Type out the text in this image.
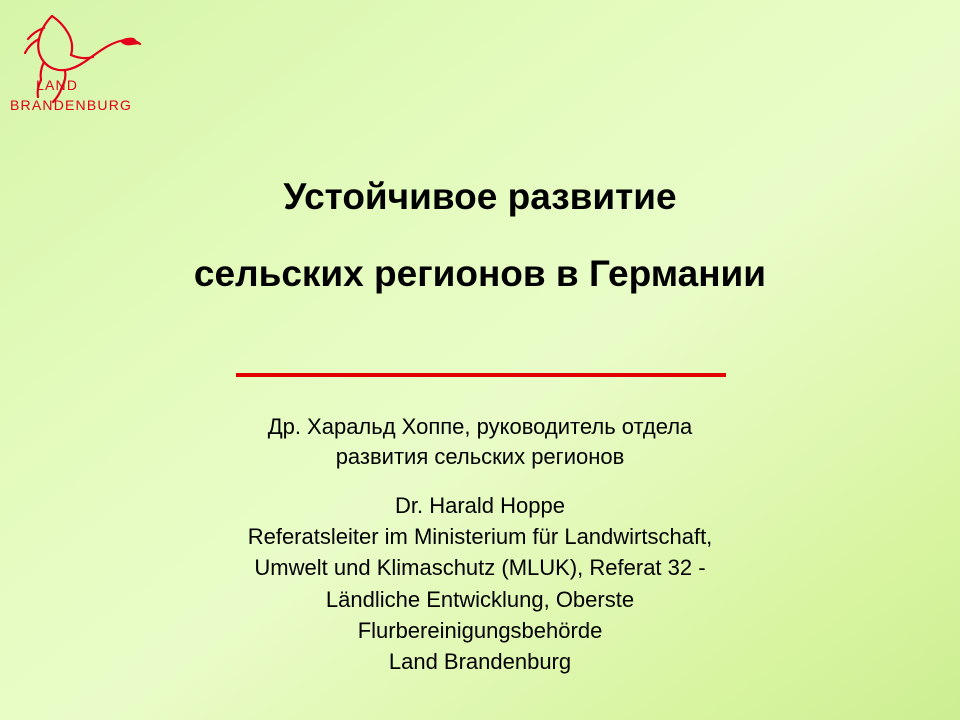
LAND
BRANDENBURG
Устойчивое развитие
сельских регионов в Германии
Др. Харальд Хоппе, руководитель отдела
развития сельских регионов
Dr. Harald Hoppe
Referatsleiter im Ministerium für Landwirtschaft,
Umwelt und Klimaschutz (MLUK), Referat 32 -
Ländliche Entwicklung, Oberste
Flurbereinigungsbehörde
Land Brandenburg
